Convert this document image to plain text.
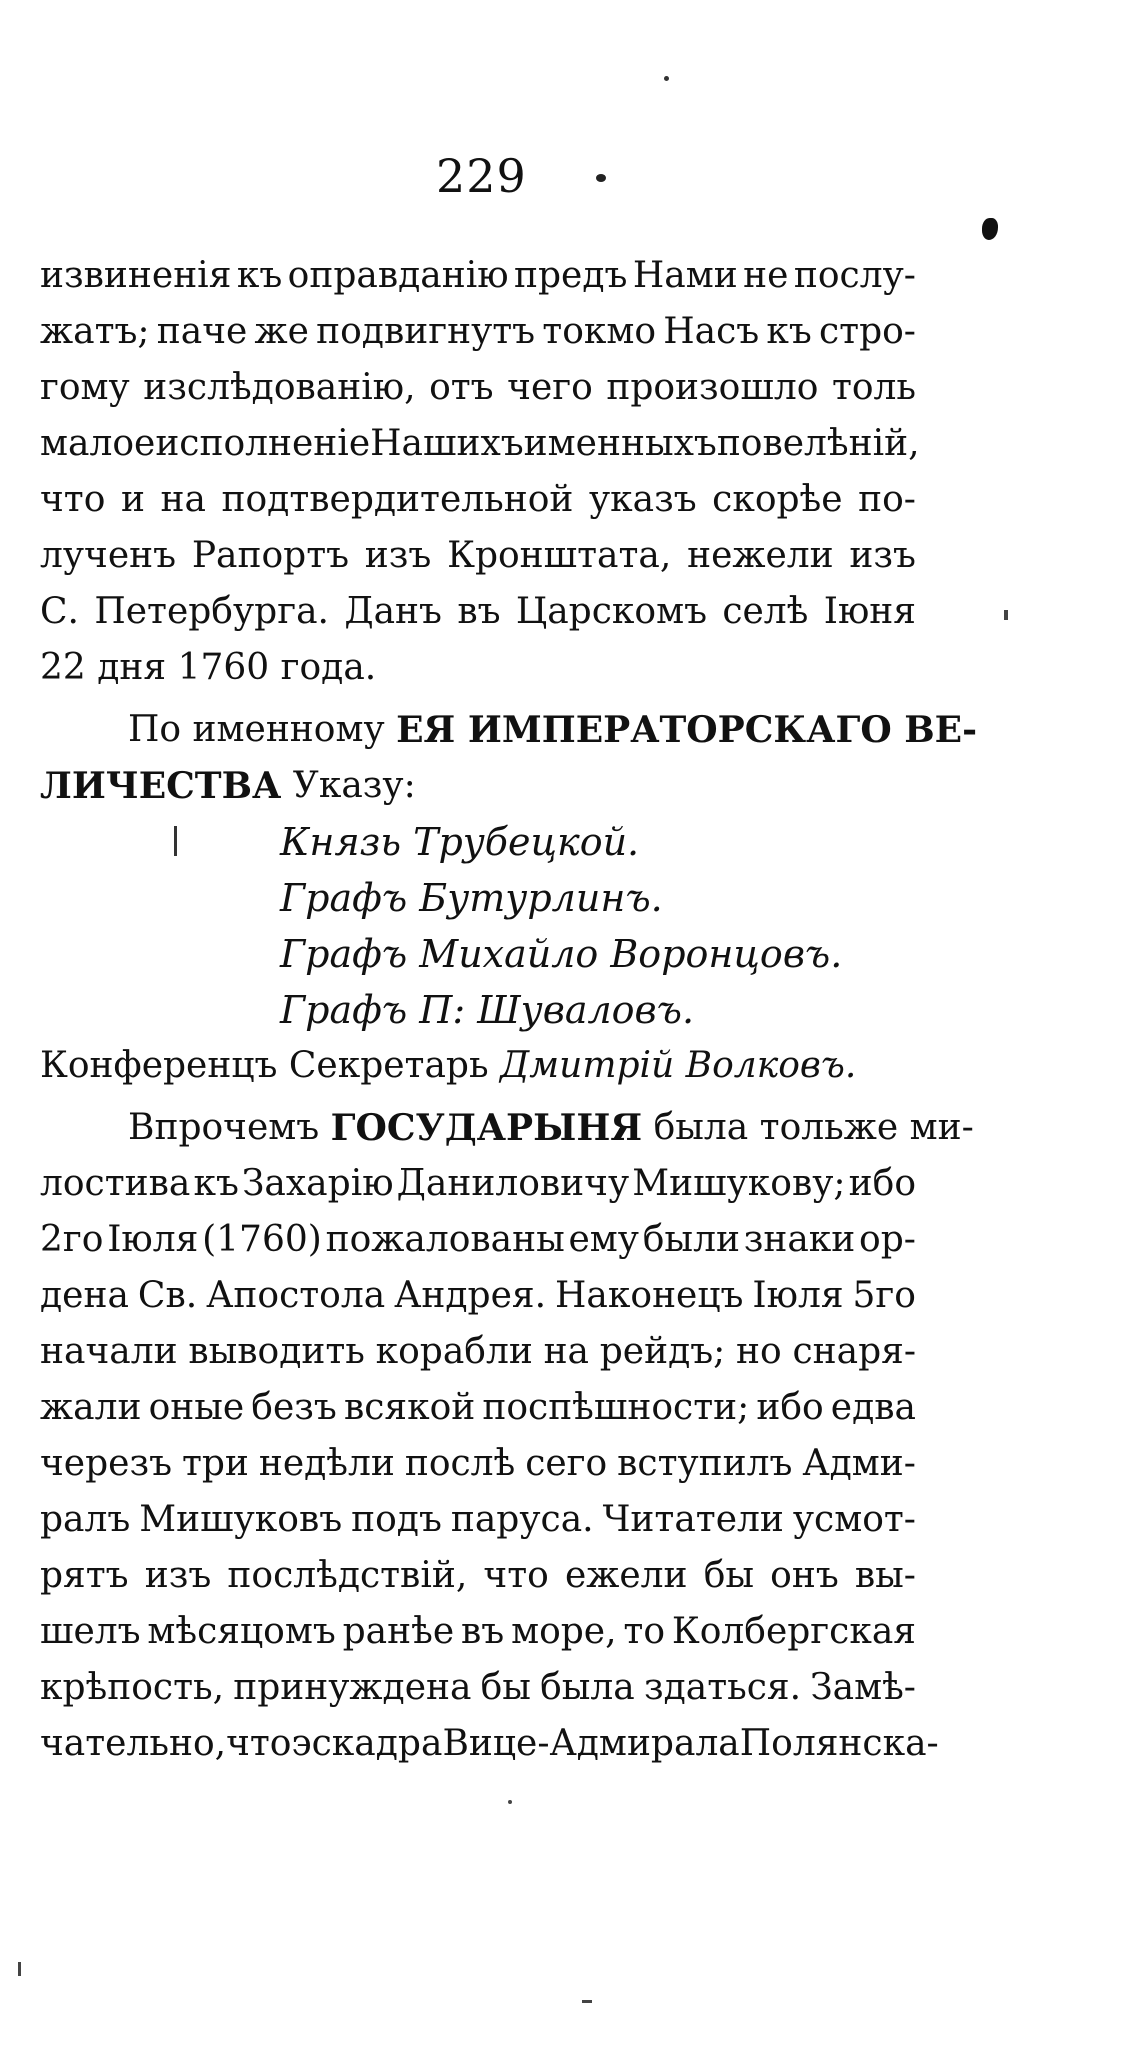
229
извиненія къ оправданію предъ Нами не послу-
жатъ; паче же подвигнутъ токмо Насъ къ стро-
гому изслѣдованію, отъ чего произошло толь
малое исполненіе Нашихъ именныхъ повелѣній,
что и на подтвердительной указъ скорѣе по-
лученъ Рапортъ изъ Кронштата, нежели изъ
С. Петербурга. Данъ въ Царскомъ селѣ Іюня
22 дня 1760 года.
По именному ЕЯ ИМПЕРАТОРСКАГО ВЕ-
ЛИЧЕСТВА Указу:
Князь Трубецкой.
Графъ Бутурлинъ.
Графъ Михайло Воронцовъ.
Графъ П: Шуваловъ.
Конференцъ Секретарь Дмитрій Волковъ.
Впрочемъ ГОСУДАРЫНЯ была тольже ми-
лостива къ Захарію Даниловичу Мишукову; ибо
2го Іюля (1760) пожалованы ему были знаки ор-
дена Св. Апостола Андрея. Наконецъ Іюля 5го
начали выводить корабли на рейдъ; но снаря-
жали оные безъ всякой поспѣшности; ибо едва
черезъ три недѣли послѣ сего вступилъ Адми-
ралъ Мишуковъ подъ паруса. Читатели усмот-
рятъ изъ послѣдствій, что ежели бы онъ вы-
шелъ мѣсяцомъ ранѣе въ море, то Колбергская
крѣпость, принуждена бы была здаться. Замѣ-
чательно, что эскадра Вице-Адмирала Полянска-
